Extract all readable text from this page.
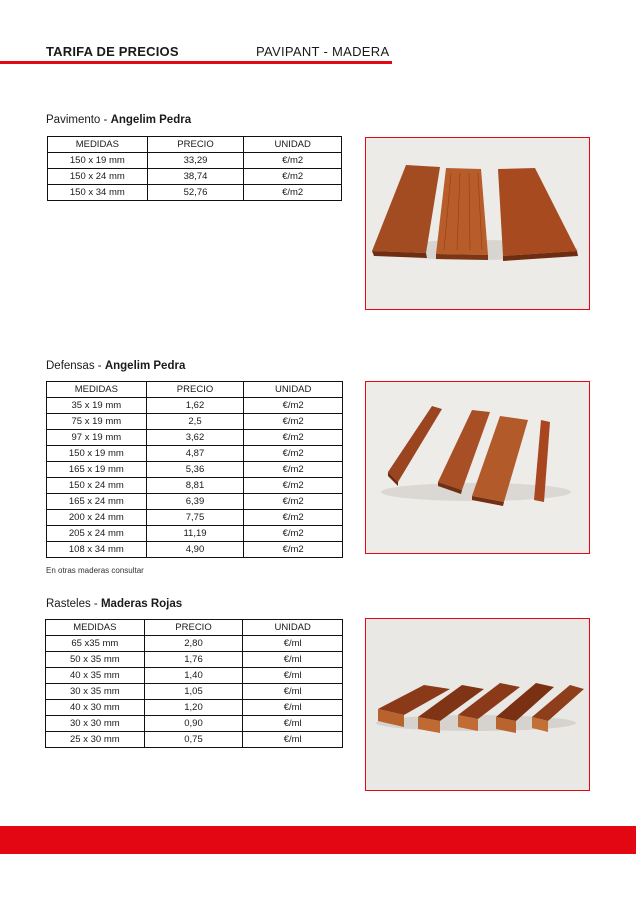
TARIFA DE PRECIOS	PAVIPANT - MADERA
Pavimento - Angelim Pedra
MEDIDAS	PRECIO	UNIDAD
150 x 19 mm	33,29	€/m2
150 x 24 mm	38,74	€/m2
150 x 34 mm	52,76	€/m2
Defensas - Angelim Pedra
MEDIDAS	PRECIO	UNIDAD
35 x 19 mm	1,62	€/m2
75 x 19 mm	2,5	€/m2
97 x 19 mm	3,62	€/m2
150 x 19 mm	4,87	€/m2
165 x 19 mm	5,36	€/m2
150 x 24 mm	8,81	€/m2
165 x 24 mm	6,39	€/m2
200 x 24 mm	7,75	€/m2
205 x 24 mm	11,19	€/m2
108 x 34 mm	4,90	€/m2
En otras maderas consultar
Rasteles - Maderas Rojas
MEDIDAS	PRECIO	UNIDAD
65 x35 mm	2,80	€/ml
50 x 35 mm	1,76	€/ml
40 x 35 mm	1,40	€/ml
30 x 35 mm	1,05	€/ml
40 x 30 mm	1,20	€/ml
30 x 30 mm	0,90	€/ml
25 x 30 mm	0,75	€/ml
